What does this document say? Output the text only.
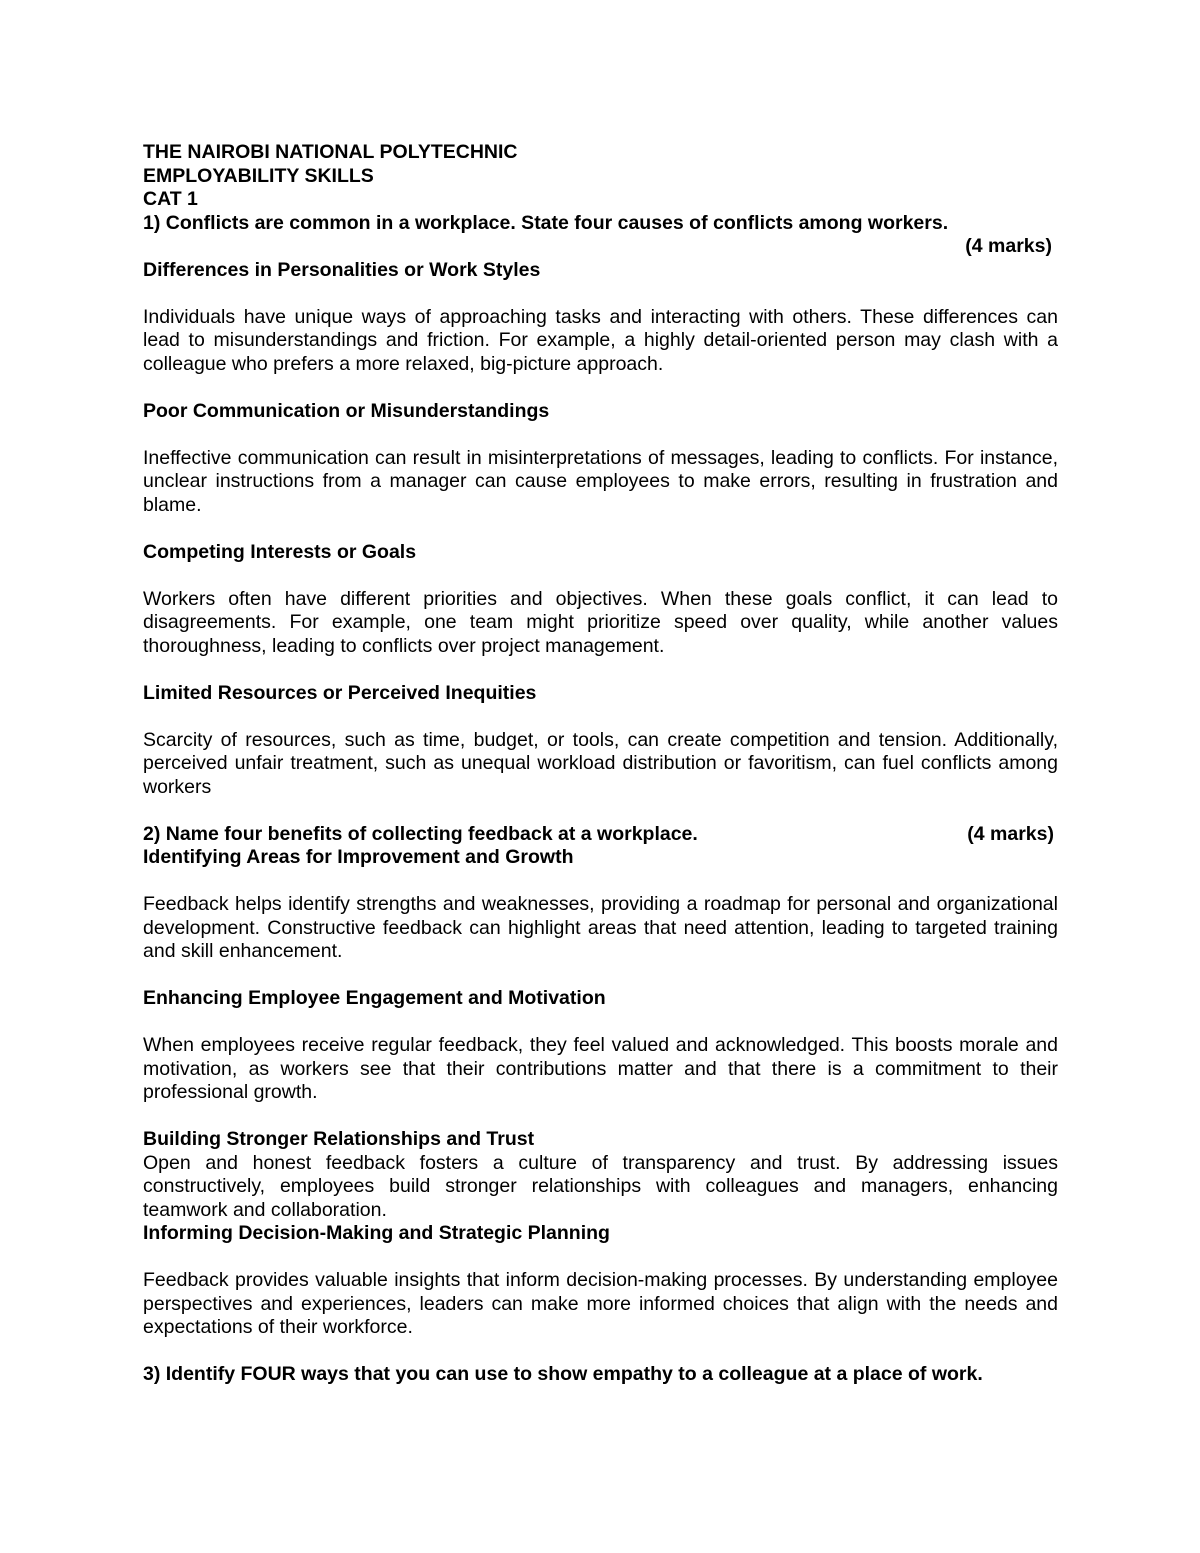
THE NAIROBI NATIONAL POLYTECHNIC

EMPLOYABILITY SKILLS

CAT 1

1) Conflicts are common in a workplace. State four causes of conflicts among workers.

(4 marks)

Differences in Personalities or Work Styles

Individuals have unique ways of approaching tasks and interacting with others. These differences can lead to misunderstandings and friction. For example, a highly detail-oriented person may clash with a colleague who prefers a more relaxed, big-picture approach.

Poor Communication or Misunderstandings

Ineffective communication can result in misinterpretations of messages, leading to conflicts. For instance, unclear instructions from a manager can cause employees to make errors, resulting in frustration and blame.

Competing Interests or Goals

Workers often have different priorities and objectives. When these goals conflict, it can lead to disagreements. For example, one team might prioritize speed over quality, while another values thoroughness, leading to conflicts over project management.

Limited Resources or Perceived Inequities

Scarcity of resources, such as time, budget, or tools, can create competition and tension. Additionally, perceived unfair treatment, such as unequal workload distribution or favoritism, can fuel conflicts among workers

2) Name four benefits of collecting feedback at a workplace.	(4 marks)

Identifying Areas for Improvement and Growth

Feedback helps identify strengths and weaknesses, providing a roadmap for personal and organizational development. Constructive feedback can highlight areas that need attention, leading to targeted training and skill enhancement.

Enhancing Employee Engagement and Motivation

When employees receive regular feedback, they feel valued and acknowledged. This boosts morale and motivation, as workers see that their contributions matter and that there is a commitment to their professional growth.

Building Stronger Relationships and Trust

Open and honest feedback fosters a culture of transparency and trust. By addressing issues constructively, employees build stronger relationships with colleagues and managers, enhancing teamwork and collaboration.

Informing Decision-Making and Strategic Planning

Feedback provides valuable insights that inform decision-making processes. By understanding employee perspectives and experiences, leaders can make more informed choices that align with the needs and expectations of their workforce.

3) Identify FOUR ways that you can use to show empathy to a colleague at a place of work.
